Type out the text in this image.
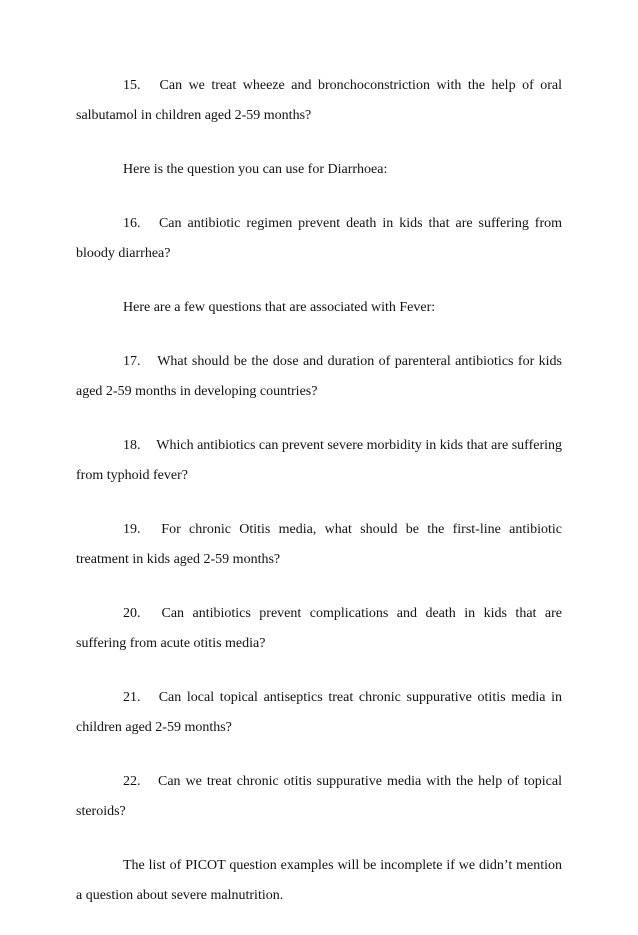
15. Can we treat wheeze and bronchoconstriction with the help of oral salbutamol in children aged 2-59 months?

Here is the question you can use for Diarrhoea:

16. Can antibiotic regimen prevent death in kids that are suffering from bloody diarrhea?

Here are a few questions that are associated with Fever:

17. What should be the dose and duration of parenteral antibiotics for kids aged 2-59 months in developing countries?

18. Which antibiotics can prevent severe morbidity in kids that are suffering from typhoid fever?

19. For chronic Otitis media, what should be the first-line antibiotic treatment in kids aged 2-59 months?

20. Can antibiotics prevent complications and death in kids that are suffering from acute otitis media?

21. Can local topical antiseptics treat chronic suppurative otitis media in children aged 2-59 months?

22. Can we treat chronic otitis suppurative media with the help of topical steroids?

The list of PICOT question examples will be incomplete if we didn’t mention a question about severe malnutrition.
